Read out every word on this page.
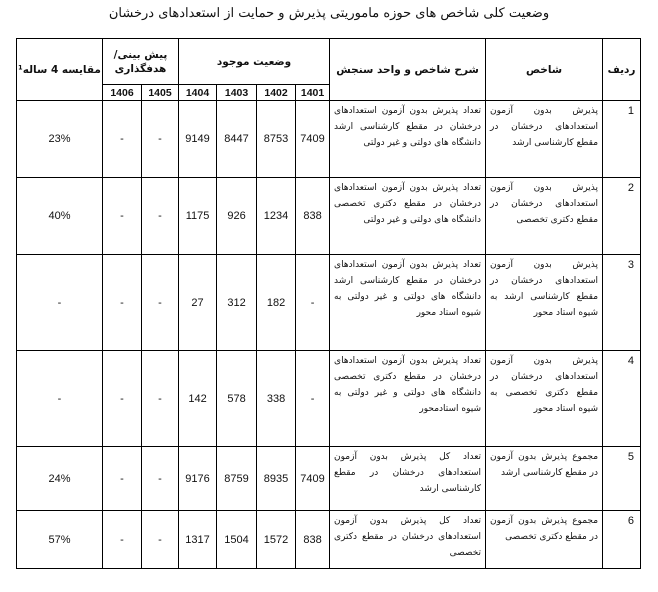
وضعیت کلی شاخص های حوزه ماموریتی پذیرش و حمایت از استعدادهای درخشان
ردیف	شاخص	شرح شاخص و واحد سنجش	وضعیت موجود				پیش بینی/ هدفگذاری		مقایسه 4 ساله¹
			1401	1402	1403	1404	1405	1406	
1	پذیرش بدون آزمون استعدادهای درخشان در مقطع کارشناسی ارشد	تعداد پذیرش بدون آزمون استعدادهای درخشان در مقطع کارشناسی ارشد دانشگاه های دولتی و غیر دولتی	7409	8753	8447	9149	-	-	23%
2	پذیرش بدون آزمون استعدادهای درخشان در مقطع دکتری تخصصی	تعداد پذیرش بدون آزمون استعدادهای درخشان در مقطع دکتری تخصصی دانشگاه های دولتی و غیر دولتی	838	1234	926	1175	-	-	40%
3	پذیرش بدون آزمون استعدادهای درخشان در مقطع کارشناسی ارشد به شیوه استاد محور	تعداد پذیرش بدون آزمون استعدادهای درخشان در مقطع کارشناسی ارشد دانشگاه های دولتی و غیر دولتی به شیوه استاد محور	-	182	312	27	-	-	-
4	پذیرش بدون آزمون استعدادهای درخشان در مقطع دکتری تخصصی به شیوه استاد محور	تعداد پذیرش بدون آزمون استعدادهای درخشان در مقطع دکتری تخصصی دانشگاه های دولتی و غیر دولتی به شیوه استادمحور	-	338	578	142	-	-	-
5	مجموع پذیرش بدون آزمون در مقطع کارشناسی ارشد	تعداد کل پذیرش بدون آزمون استعدادهای درخشان در مقطع کارشناسی ارشد	7409	8935	8759	9176	-	-	24%
6	مجموع پذیرش بدون آزمون در مقطع دکتری تخصصی	تعداد کل پذیرش بدون آزمون استعدادهای درخشان در مقطع دکتری تخصصی	838	1572	1504	1317	-	-	57%
